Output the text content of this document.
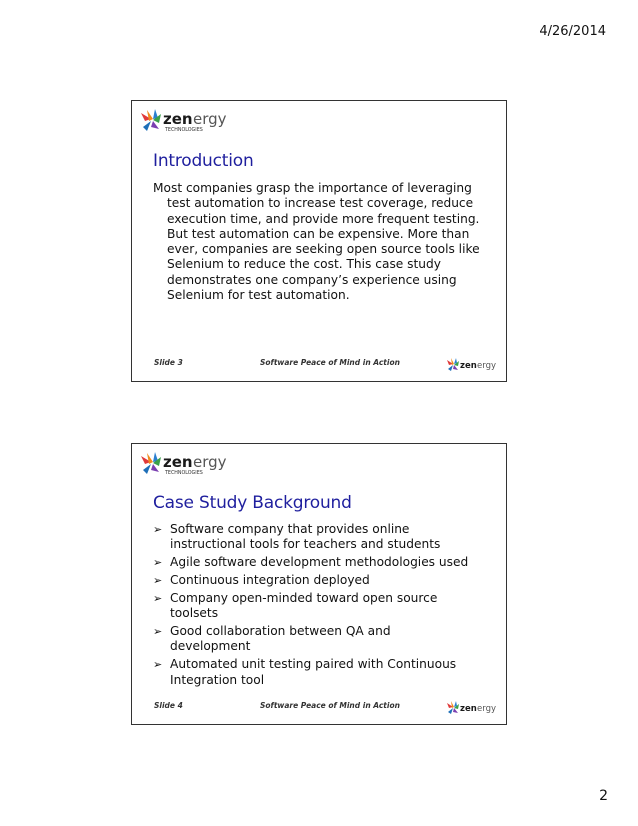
4/26/2014
zen ergy
TECHNOLOGIES
Introduction
Most companies grasp the importance of leveraging test automation to increase test coverage, reduce execution time, and provide more frequent testing. But test automation can be expensive. More than ever, companies are seeking open source tools like Selenium to reduce the cost. This case study demonstrates one company’s experience using Selenium for test automation.
Slide 3	Software Peace of Mind in Action	zen ergy
zen ergy
TECHNOLOGIES
Case Study Background
➢ Software company that provides online instructional tools for teachers and students
➢ Agile software development methodologies used
➢ Continuous integration deployed
➢ Company open-minded toward open source toolsets
➢ Good collaboration between QA and development
➢ Automated unit testing paired with Continuous Integration tool
Slide 4	Software Peace of Mind in Action	zen ergy
2
